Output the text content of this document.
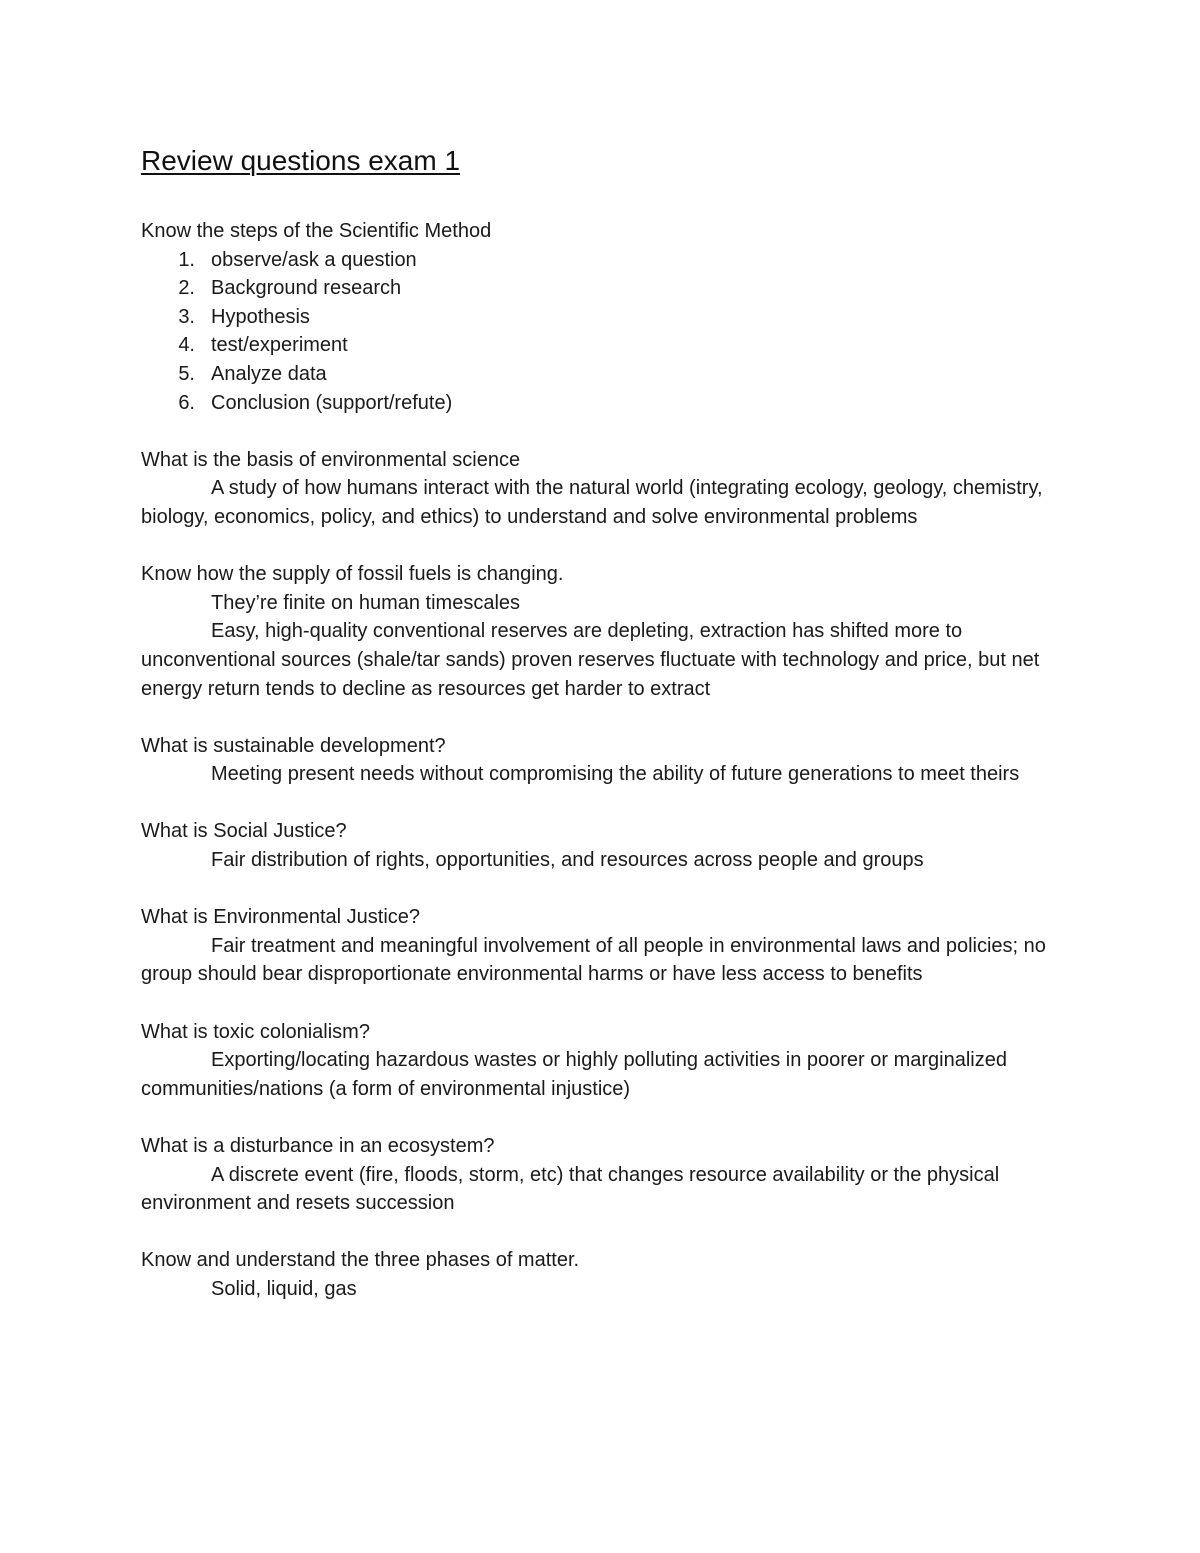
Review questions exam 1

Know the steps of the Scientific Method

1. observe/ask a question
2. Background research
3. Hypothesis
4. test/experiment
5. Analyze data
6. Conclusion (support/refute)

What is the basis of environmental science

A study of how humans interact with the natural world (integrating ecology, geology, chemistry, biology, economics, policy, and ethics) to understand and solve environmental problems

Know how the supply of fossil fuels is changing.

They’re finite on human timescales

Easy, high-quality conventional reserves are depleting, extraction has shifted more to unconventional sources (shale/tar sands) proven reserves fluctuate with technology and price, but net energy return tends to decline as resources get harder to extract

What is sustainable development?

Meeting present needs without compromising the ability of future generations to meet theirs

What is Social Justice?

Fair distribution of rights, opportunities, and resources across people and groups

What is Environmental Justice?

Fair treatment and meaningful involvement of all people in environmental laws and policies; no group should bear disproportionate environmental harms or have less access to benefits

What is toxic colonialism?

Exporting/locating hazardous wastes or highly polluting activities in poorer or marginalized communities/nations (a form of environmental injustice)

What is a disturbance in an ecosystem?

A discrete event (fire, floods, storm, etc) that changes resource availability or the physical environment and resets succession

Know and understand the three phases of matter.

Solid, liquid, gas
